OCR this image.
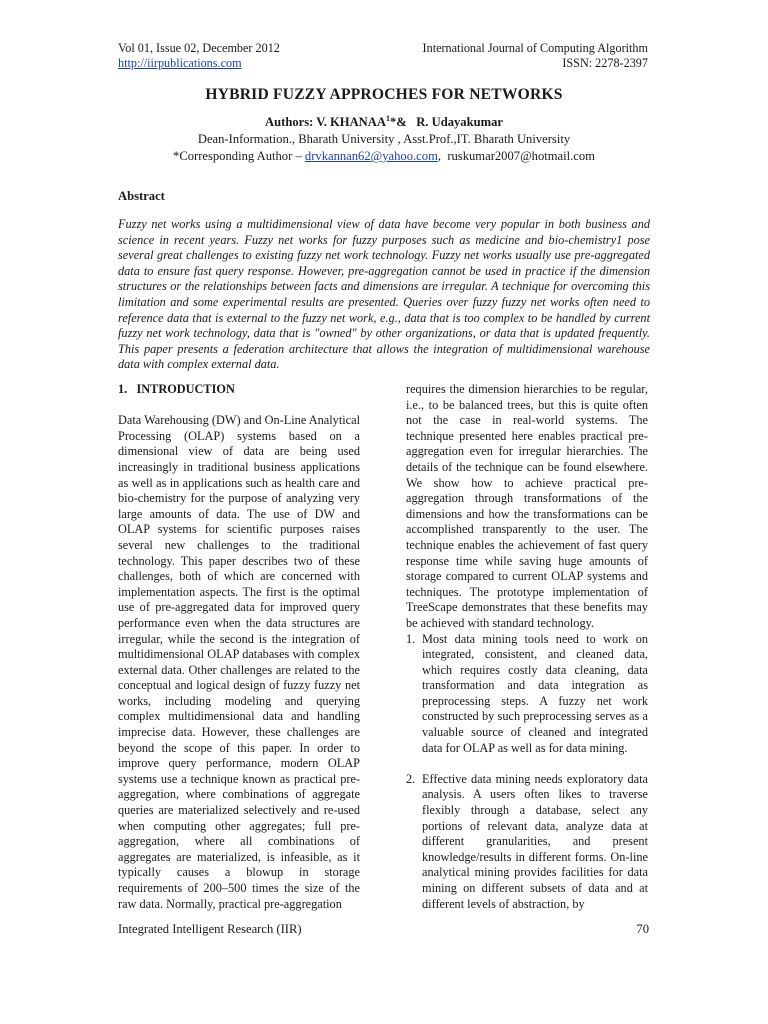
Vol 01, Issue 02, December 2012
http://iirpublications.com
International Journal of Computing Algorithm
ISSN: 2278-2397
HYBRID FUZZY APPROCHES FOR NETWORKS
Authors: V. KHANAA$^1$*&   R. Udayakumar
Dean-Information., Bharath University , Asst.Prof.,IT. Bharath University
*Corresponding Author – drvkannan62@yahoo.com,  ruskumar2007@hotmail.com
Abstract
Fuzzy net works using a multidimensional view of data have become very popular in both business and science in recent years. Fuzzy net works for fuzzy purposes such as medicine and bio-chemistry1 pose several great challenges to existing fuzzy net work technology. Fuzzy net works usually use pre-aggregated data to ensure fast query response. However, pre-aggregation cannot be used in practice if the dimension structures or the relationships between facts and dimensions are irregular. A technique for overcoming this limitation and some experimental results are presented. Queries over fuzzy fuzzy net works often need to reference data that is external to the fuzzy net work, e.g., data that is too complex to be handled by current fuzzy net work technology, data that is "owned" by other organizations, or data that is updated frequently. This paper presents a federation architecture that allows the integration of multidimensional warehouse data with complex external data.
1.   INTRODUCTION

Data Warehousing (DW) and On-Line Analytical Processing (OLAP) systems based on a dimensional view of data are being used increasingly in traditional business applications as well as in applications such as health care and bio-chemistry for the purpose of analyzing very large amounts of data. The use of DW and OLAP systems for scientific purposes raises several new challenges to the traditional technology. This paper describes two of these challenges, both of which are concerned with implementation aspects. The first is the optimal use of pre-aggregated data for improved query performance even when the data structures are irregular, while the second is the integration of multidimensional OLAP databases with complex external data. Other challenges are related to the conceptual and logical design of fuzzy fuzzy net works, including modeling and querying complex multidimensional data and handling imprecise data. However, these challenges are beyond the scope of this paper. In order to improve query performance, modern OLAP systems use a technique known as practical pre-aggregation, where combinations of aggregate queries are materialized selectively and re-used when computing other aggregates; full pre-aggregation, where all combinations of aggregates are materialized, is infeasible, as it typically causes a blowup in storage requirements of 200–500 times the size of the raw data. Normally, practical pre-aggregation

requires the dimension hierarchies to be regular, i.e., to be balanced trees, but this is quite often not the case in real-world systems. The technique presented here enables practical pre-aggregation even for irregular hierarchies. The details of the technique can be found elsewhere. We show how to achieve practical pre-aggregation through transformations of the dimensions and how the transformations can be accomplished transparently to the user. The technique enables the achievement of fast query response time while saving huge amounts of storage compared to current OLAP systems and techniques. The prototype implementation of TreeScape demonstrates that these benefits may be achieved with standard technology.

1. Most data mining tools need to work on integrated, consistent, and cleaned data, which requires costly data cleaning, data transformation and data integration as preprocessing steps. A fuzzy net work constructed by such preprocessing serves as a valuable source of cleaned and integrated data for OLAP as well as for data mining.
2. Effective data mining needs exploratory data analysis. A users often likes to traverse flexibly through a database, select any portions of relevant data, analyze data at different granularities, and present knowledge/results in different forms. On-line analytical mining provides facilities for data mining on different subsets of data and at different levels of abstraction, by
Integrated Intelligent Research (IIR)	70
